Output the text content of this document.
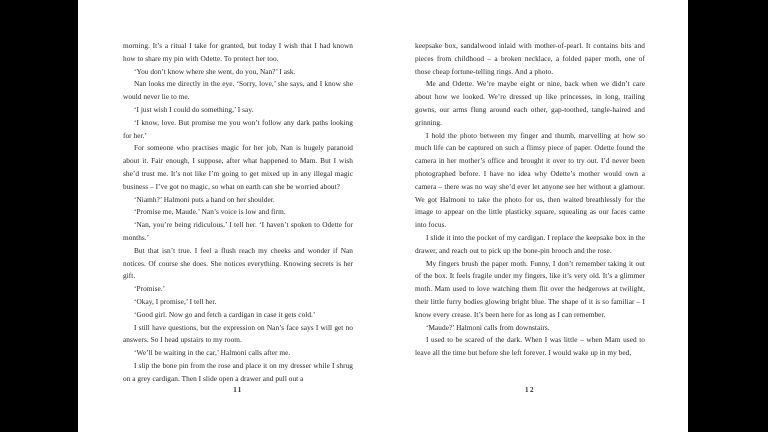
morning. It’s a ritual I take for granted, but today I wish that I had known how to share my pin with Odette. To protect her too.

‘You don’t know where she went, do you, Nan?’ I ask.

Nan looks me directly in the eye. ‘Sorry, love,’ she says, and I know she would never lie to me.

‘I just wish I could do something,’ I say.

‘I know, love. But promise me you won’t follow any dark paths looking for her.’

For someone who practises magic for her job, Nan is hugely paranoid about it. Fair enough, I suppose, after what happened to Mam. But I wish she’d trust me. It’s not like I’m going to get mixed up in any illegal magic business – I’ve got no magic, so what on earth can she be worried about?

‘Niamh?’ Halmoni puts a hand on her shoulder.

‘Promise me, Maude.’ Nan’s voice is low and firm.

‘Nan, you’re being ridiculous,’ I tell her. ‘I haven’t spoken to Odette for months.’

But that isn’t true. I feel a flush reach my cheeks and wonder if Nan notices. Of course she does. She notices everything. Knowing secrets is her gift.

‘Promise.’

‘Okay, I promise,’ I tell her.

‘Good girl. Now go and fetch a cardigan in case it gets cold.’

I still have questions, but the expression on Nan’s face says I will get no answers. So I head upstairs to my room.

‘We’ll be waiting in the car,’ Halmoni calls after me.

I slip the bone pin from the rose and place it on my dresser while I shrug on a grey cardigan. Then I slide open a drawer and pull out a

keepsake box, sandalwood inlaid with mother-of-pearl. It contains bits and pieces from childhood – a broken necklace, a folded paper moth, one of those cheap fortune-telling rings. And a photo.

Me and Odette. We’re maybe eight or nine, back when we didn’t care about how we looked. We’re dressed up like princesses, in long, trailing gowns, our arms flung around each other, gap-toothed, tangle-haired and grinning.

I hold the photo between my finger and thumb, marvelling at how so much life can be captured on such a flimsy piece of paper. Odette found the camera in her mother’s office and brought it over to try out. I’d never been photographed before. I have no idea why Odette’s mother would own a camera – there was no way she’d ever let anyone see her without a glamour. We got Halmoni to take the photo for us, then waited breathlessly for the image to appear on the little plasticky square, squealing as our faces came into focus.

I slide it into the pocket of my cardigan. I replace the keepsake box in the drawer, and reach out to pick up the bone-pin brooch and the rose.

My fingers brush the paper moth. Funny, I don’t remember taking it out of the box. It feels fragile under my fingers, like it’s very old. It’s a glimmer moth. Mam used to love watching them flit over the hedgerows at twilight, their little furry bodies glowing bright blue. The shape of it is so familiar – I know every crease. It’s been here for as long as I can remember.

‘Maude?’ Halmoni calls from downstairs.

I used to be scared of the dark. When I was little – when Mam used to leave all the time but before she left forever. I would wake up in my bed,

11	12
